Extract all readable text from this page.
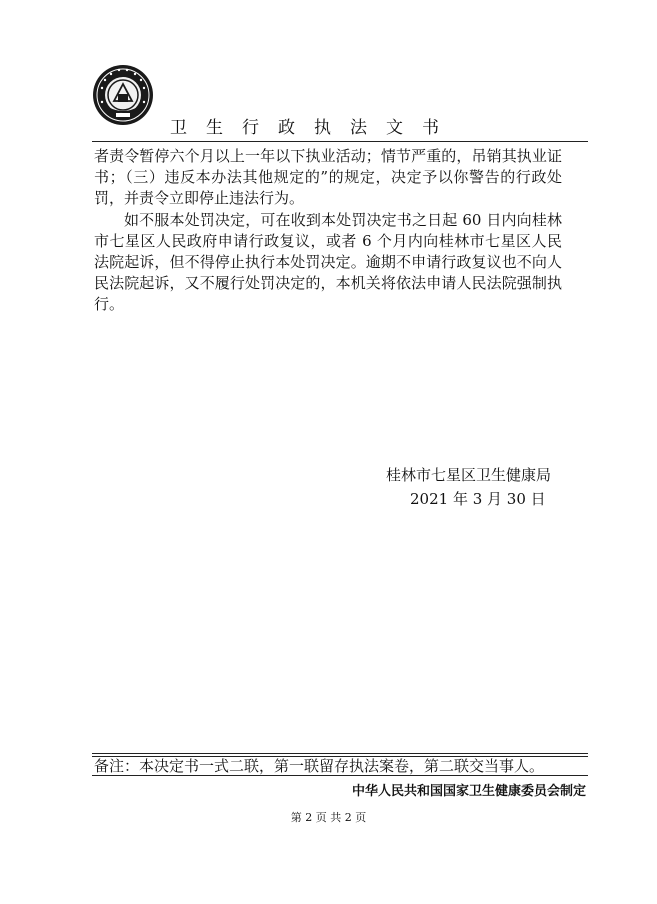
卫生行政执法文书

者责令暂停六个月以上一年以下执业活动；情节严重的，吊销其执业证书；（三）违反本办法其他规定的”的规定，决定予以你警告的行政处罚，并责令立即停止违法行为。

如不服本处罚决定，可在收到本处罚决定书之日起 60 日内向桂林市七星区人民政府申请行政复议，或者 6 个月内向桂林市七星区人民法院起诉，但不得停止执行本处罚决定。逾期不申请行政复议也不向人民法院起诉，又不履行处罚决定的，本机关将依法申请人民法院强制执行。

桂林市七星区卫生健康局
2021 年 3 月 30 日
备注：本决定书一式二联，第一联留存执法案卷，第二联交当事人。
中华人民共和国国家卫生健康委员会制定
第 2 页 共 2 页
